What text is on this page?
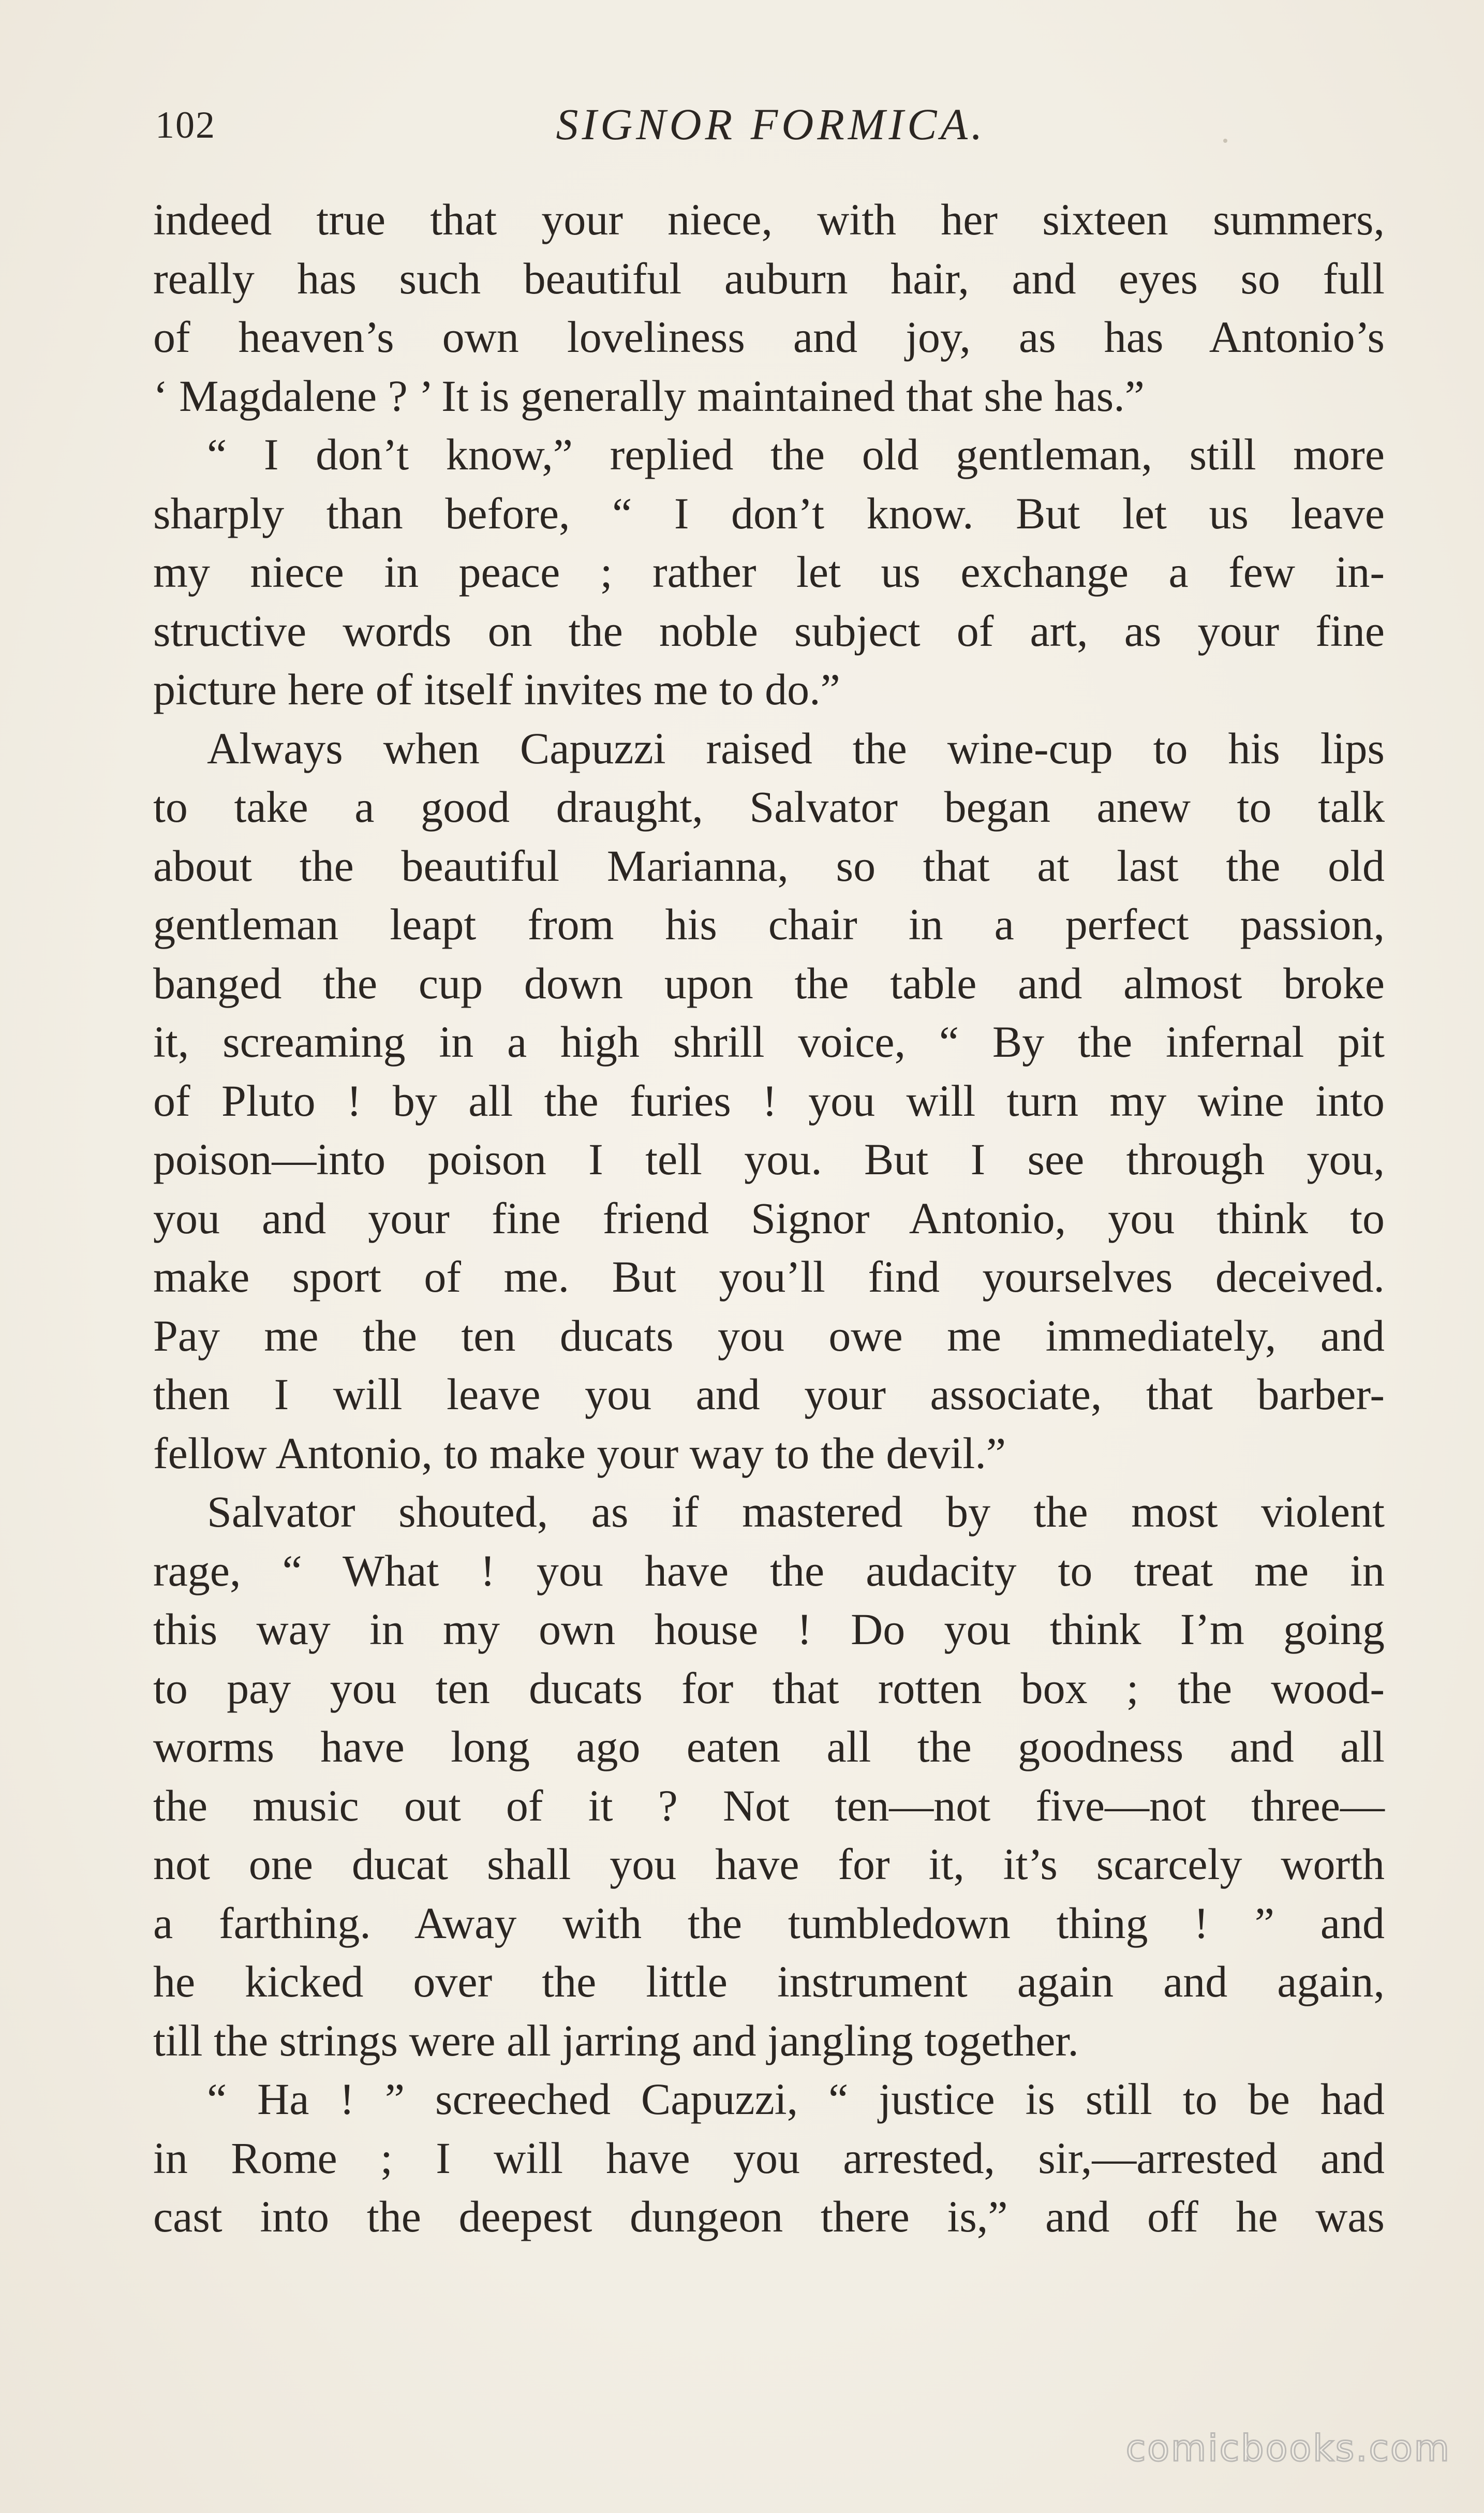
102	SIGNOR FORMICA.
indeed true that your niece, with her sixteen summers,
really has such beautiful auburn hair, and eyes so full
of heaven’s own loveliness and joy, as has Antonio’s
‘ Magdalene ? ’ It is generally maintained that she has.”
“ I don’t know,” replied the old gentleman, still more
sharply than before, “ I don’t know. But let us leave
my niece in peace ; rather let us exchange a few in-
structive words on the noble subject of art, as your fine
picture here of itself invites me to do.”
Always when Capuzzi raised the wine-cup to his lips
to take a good draught, Salvator began anew to talk
about the beautiful Marianna, so that at last the old
gentleman leapt from his chair in a perfect passion,
banged the cup down upon the table and almost broke
it, screaming in a high shrill voice, “ By the infernal pit
of Pluto ! by all the furies ! you will turn my wine into
poison—into poison I tell you. But I see through you,
you and your fine friend Signor Antonio, you think to
make sport of me. But you’ll find yourselves deceived.
Pay me the ten ducats you owe me immediately, and
then I will leave you and your associate, that barber-
fellow Antonio, to make your way to the devil.”
Salvator shouted, as if mastered by the most violent
rage, “ What ! you have the audacity to treat me in
this way in my own house ! Do you think I’m going
to pay you ten ducats for that rotten box ; the wood-
worms have long ago eaten all the goodness and all
the music out of it ? Not ten—not five—not three—
not one ducat shall you have for it, it’s scarcely worth
a farthing. Away with the tumbledown thing ! ” and
he kicked over the little instrument again and again,
till the strings were all jarring and jangling together.
“ Ha ! ” screeched Capuzzi, “ justice is still to be had
in Rome ; I will have you arrested, sir,—arrested and
cast into the deepest dungeon there is,” and off he was
comicbooks.com
